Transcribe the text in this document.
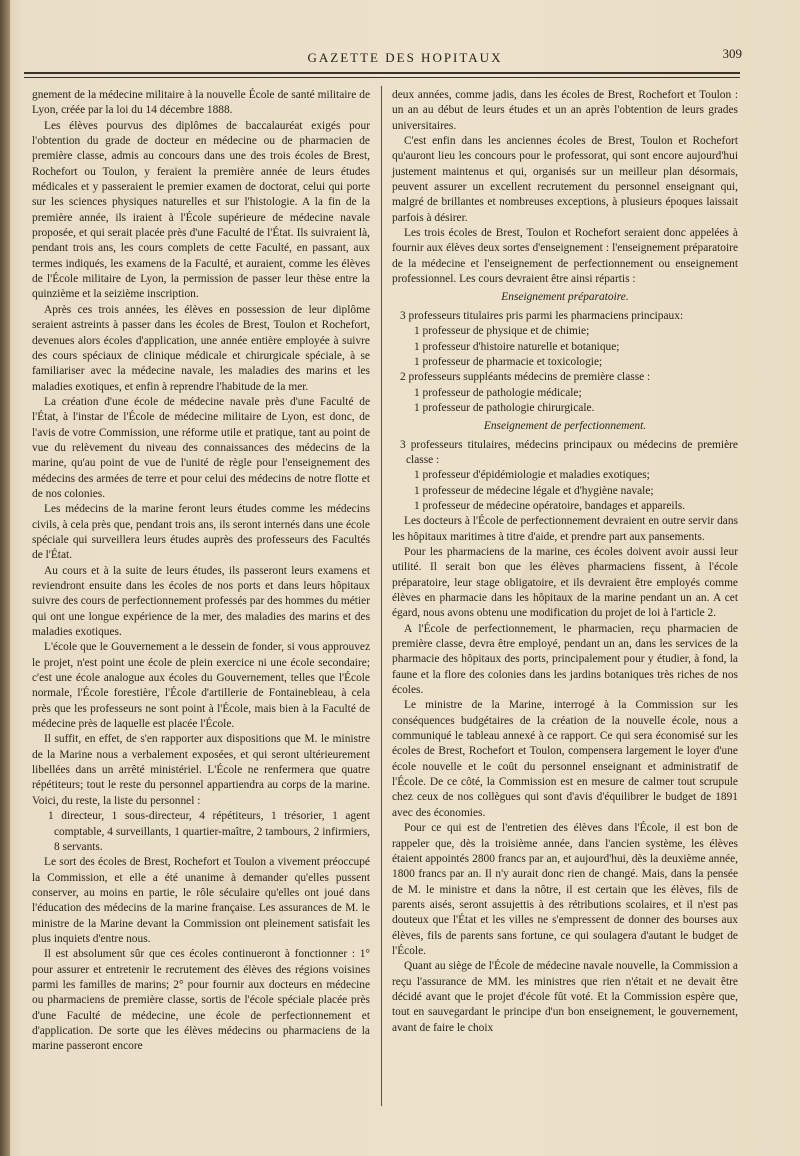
GAZETTE DES HOPITAUX	309

gnement de la médecine militaire à la nouvelle École de santé militaire de Lyon, créée par la loi du 14 décembre 1888.

Les élèves pourvus des diplômes de baccalauréat exigés pour l'obtention du grade de docteur en médecine ou de pharmacien de première classe, admis au concours dans une des trois écoles de Brest, Rochefort ou Toulon, y feraient la première année de leurs études médicales et y passeraient le premier examen de doctorat, celui qui porte sur les sciences physiques naturelles et sur l'histologie. A la fin de la première année, ils iraient à l'École supérieure de médecine navale proposée, et qui serait placée près d'une Faculté de l'État. Ils suivraient là, pendant trois ans, les cours complets de cette Faculté, en passant, aux termes indiqués, les examens de la Faculté, et auraient, comme les élèves de l'École militaire de Lyon, la permission de passer leur thèse entre la quinzième et la seizième inscription.

Après ces trois années, les élèves en possession de leur diplôme seraient astreints à passer dans les écoles de Brest, Toulon et Rochefort, devenues alors écoles d'application, une année entière employée à suivre des cours spéciaux de clinique médicale et chirurgicale spéciale, à se familiariser avec la médecine navale, les maladies des marins et les maladies exotiques, et enfin à reprendre l'habitude de la mer.

La création d'une école de médecine navale près d'une Faculté de l'État, à l'instar de l'École de médecine militaire de Lyon, est donc, de l'avis de votre Commission, une réforme utile et pratique, tant au point de vue du relèvement du niveau des connaissances des médecins de la marine, qu'au point de vue de l'unité de règle pour l'enseignement des médecins des armées de terre et pour celui des médecins de notre flotte et de nos colonies.

Les médecins de la marine feront leurs études comme les médecins civils, à cela près que, pendant trois ans, ils seront internés dans une école spéciale qui surveillera leurs études auprès des professeurs des Facultés de l'État.

Au cours et à la suite de leurs études, ils passeront leurs examens et reviendront ensuite dans les écoles de nos ports et dans leurs hôpitaux suivre des cours de perfectionnement professés par des hommes du métier qui ont une longue expérience de la mer, des maladies des marins et des maladies exotiques.

L'école que le Gouvernement a le dessein de fonder, si vous approuvez le projet, n'est point une école de plein exercice ni une école secondaire; c'est une école analogue aux écoles du Gouvernement, telles que l'École normale, l'École forestière, l'École d'artillerie de Fontainebleau, à cela près que les professeurs ne sont point à l'École, mais bien à la Faculté de médecine près de laquelle est placée l'École.

Il suffit, en effet, de s'en rapporter aux dispositions que M. le ministre de la Marine nous a verbalement exposées, et qui seront ultérieurement libellées dans un arrêté ministériel. L'École ne renfermera que quatre répétiteurs; tout le reste du personnel appartiendra au corps de la marine. Voici, du reste, la liste du personnel :

1 directeur, 1 sous-directeur, 4 répétiteurs, 1 trésorier, 1 agent comptable, 4 surveillants, 1 quartier-maître, 2 tambours, 2 infirmiers, 8 servants.

Le sort des écoles de Brest, Rochefort et Toulon a vivement préoccupé la Commission, et elle a été unanime à demander qu'elles pussent conserver, au moins en partie, le rôle séculaire qu'elles ont joué dans l'éducation des médecins de la marine française. Les assurances de M. le ministre de la Marine devant la Commission ont pleinement satisfait les plus inquiets d'entre nous.

Il est absolument sûr que ces écoles continueront à fonctionner : 1° pour assurer et entretenir le recrutement des élèves des régions voisines parmi les familles de marins; 2° pour fournir aux docteurs en médecine ou pharmaciens de première classe, sortis de l'école spéciale placée près d'une Faculté de médecine, une école de perfectionnement et d'application. De sorte que les élèves médecins ou pharmaciens de la marine passeront encore

deux années, comme jadis, dans les écoles de Brest, Rochefort et Toulon : un an au début de leurs études et un an après l'obtention de leurs grades universitaires.

C'est enfin dans les anciennes écoles de Brest, Toulon et Rochefort qu'auront lieu les concours pour le professorat, qui sont encore aujourd'hui justement maintenus et qui, organisés sur un meilleur plan désormais, peuvent assurer un excellent recrutement du personnel enseignant qui, malgré de brillantes et nombreuses exceptions, à plusieurs époques laissait parfois à désirer.

Les trois écoles de Brest, Toulon et Rochefort seraient donc appelées à fournir aux élèves deux sortes d'enseignement : l'enseignement préparatoire de la médecine et l'enseignement de perfectionnement ou enseignement professionnel. Les cours devraient être ainsi répartis :

Enseignement préparatoire.

3 professeurs titulaires pris parmi les pharmaciens principaux:

1 professeur de physique et de chimie;

1 professeur d'histoire naturelle et botanique;

1 professeur de pharmacie et toxicologie;

2 professeurs suppléants médecins de première classe :

1 professeur de pathologie médicale;

1 professeur de pathologie chirurgicale.

Enseignement de perfectionnement.

3 professeurs titulaires, médecins principaux ou médecins de première classe :

1 professeur d'épidémiologie et maladies exotiques;

1 professeur de médecine légale et d'hygiène navale;

1 professeur de médecine opératoire, bandages et appareils.

Les docteurs à l'École de perfectionnement devraient en outre servir dans les hôpitaux maritimes à titre d'aide, et prendre part aux pansements.

Pour les pharmaciens de la marine, ces écoles doivent avoir aussi leur utilité. Il serait bon que les élèves pharmaciens fissent, à l'école préparatoire, leur stage obligatoire, et ils devraient être employés comme élèves en pharmacie dans les hôpitaux de la marine pendant un an. A cet égard, nous avons obtenu une modification du projet de loi à l'article 2.

A l'École de perfectionnement, le pharmacien, reçu pharmacien de première classe, devra être employé, pendant un an, dans les services de la pharmacie des hôpitaux des ports, principalement pour y étudier, à fond, la faune et la flore des colonies dans les jardins botaniques très riches de nos écoles.

Le ministre de la Marine, interrogé à la Commission sur les conséquences budgétaires de la création de la nouvelle école, nous a communiqué le tableau annexé à ce rapport. Ce qui sera économisé sur les écoles de Brest, Rochefort et Toulon, compensera largement le loyer d'une école nouvelle et le coût du personnel enseignant et administratif de l'École. De ce côté, la Commission est en mesure de calmer tout scrupule chez ceux de nos collègues qui sont d'avis d'équilibrer le budget de 1891 avec des économies.

Pour ce qui est de l'entretien des élèves dans l'École, il est bon de rappeler que, dès la troisième année, dans l'ancien système, les élèves étaient appointés 2800 francs par an, et aujourd'hui, dès la deuxième année, 1800 francs par an. Il n'y aurait donc rien de changé. Mais, dans la pensée de M. le ministre et dans la nôtre, il est certain que les élèves, fils de parents aisés, seront assujettis à des rétributions scolaires, et il n'est pas douteux que l'État et les villes ne s'empressent de donner des bourses aux élèves, fils de parents sans fortune, ce qui soulagera d'autant le budget de l'École.

Quant au siège de l'École de médecine navale nouvelle, la Commission a reçu l'assurance de MM. les ministres que rien n'était et ne devait être décidé avant que le projet d'école fût voté. Et la Commission espère que, tout en sauvegardant le principe d'un bon enseignement, le gouvernement, avant de faire le choix
